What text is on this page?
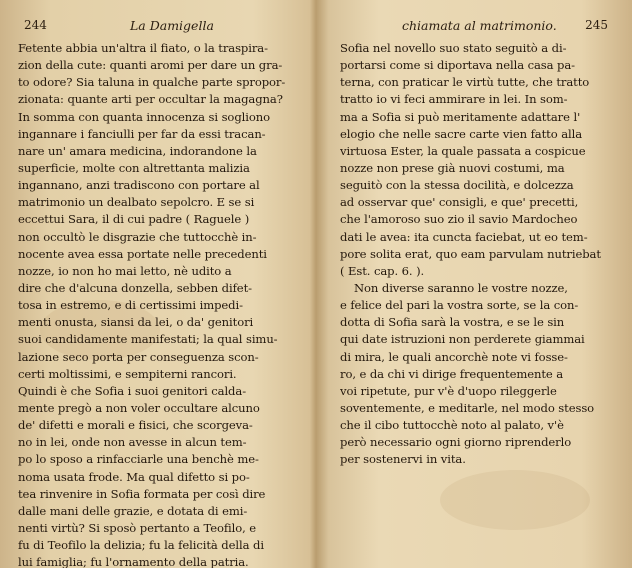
244	La Damigella
Fetente abbia un'altra il fiato, o la traspira-
zion della cute: quanti aromi per dare un gra-
to odore? Sia taluna in qualche parte spropor-
zionata: quante arti per occultar la magagna?
In somma con quanta innocenza si sogliono
ingannare i fanciulli per far da essi tracan-
nare un' amara medicina, indorandone la
superficie, molte con altrettanta malizia
ingannano, anzi tradiscono con portare al
matrimonio un dealbato sepolcro. E se si
eccettui Sara, il di cui padre ( Raguele )
non occultò le disgrazie che tuttocchè in-
nocente avea essa portate nelle precedenti
nozze, io non ho mai letto, nè udito a
dire che d'alcuna donzella, sebben difet-
tosa in estremo, e di certissimi impedi-
menti onusta, siansi da lei, o da' genitori
suoi candidamente manifestati; la qual simu-
lazione seco porta per conseguenza scon-
certi moltissimi, e sempiterni rancori.
Quindi è che Sofia i suoi genitori calda-
mente pregò a non voler occultare alcuno
de' difetti e morali e fisici, che scorgeva-
no in lei, onde non avesse in alcun tem-
po lo sposo a rinfacciarle una benchè me-
noma usata frode. Ma qual difetto si po-
tea rinvenire in Sofia formata per così dire
dalle mani delle grazie, e dotata di emi-
nenti virtù? Si sposò pertanto a Teofilo, e
fu di Teofilo la delizia; fu la felicità della di
lui famiglia; fu l'ornamento della patria.
chiamata al matrimonio. 245
Sofia nel novello suo stato seguitò a di-
portarsi come si diportava nella casa pa-
terna, con praticar le virtù tutte, che tratto
tratto io vi feci ammirare in lei. In som-
ma a Sofia si può meritamente adattare l'
elogio che nelle sacre carte vien fatto alla
virtuosa Ester, la quale passata a cospicue
nozze non prese già nuovi costumi, ma
seguitò con la stessa docilità, e dolcezza
ad osservar que' consigli, e que' precetti,
che l'amoroso suo zio il savio Mardocheo
dati le avea: ita cuncta faciebat, ut eo tem-
pore solita erat, quo eam parvulam nutriebat
( Est. cap. 6. ).
Non diverse saranno le vostre nozze,
e felice del pari la vostra sorte, se la con-
dotta di Sofia sarà la vostra, e se le sin
qui date istruzioni non perderete giammai
di mira, le quali ancorchè note vi fosse-
ro, e da chi vi dirige frequentemente a
voi ripetute, pur v'è d'uopo rileggerle
soventemente, e meditarle, nel modo stesso
che il cibo tuttocchè noto al palato, v'è
però necessario ogni giorno riprenderlo
per sostenervi in vita.
